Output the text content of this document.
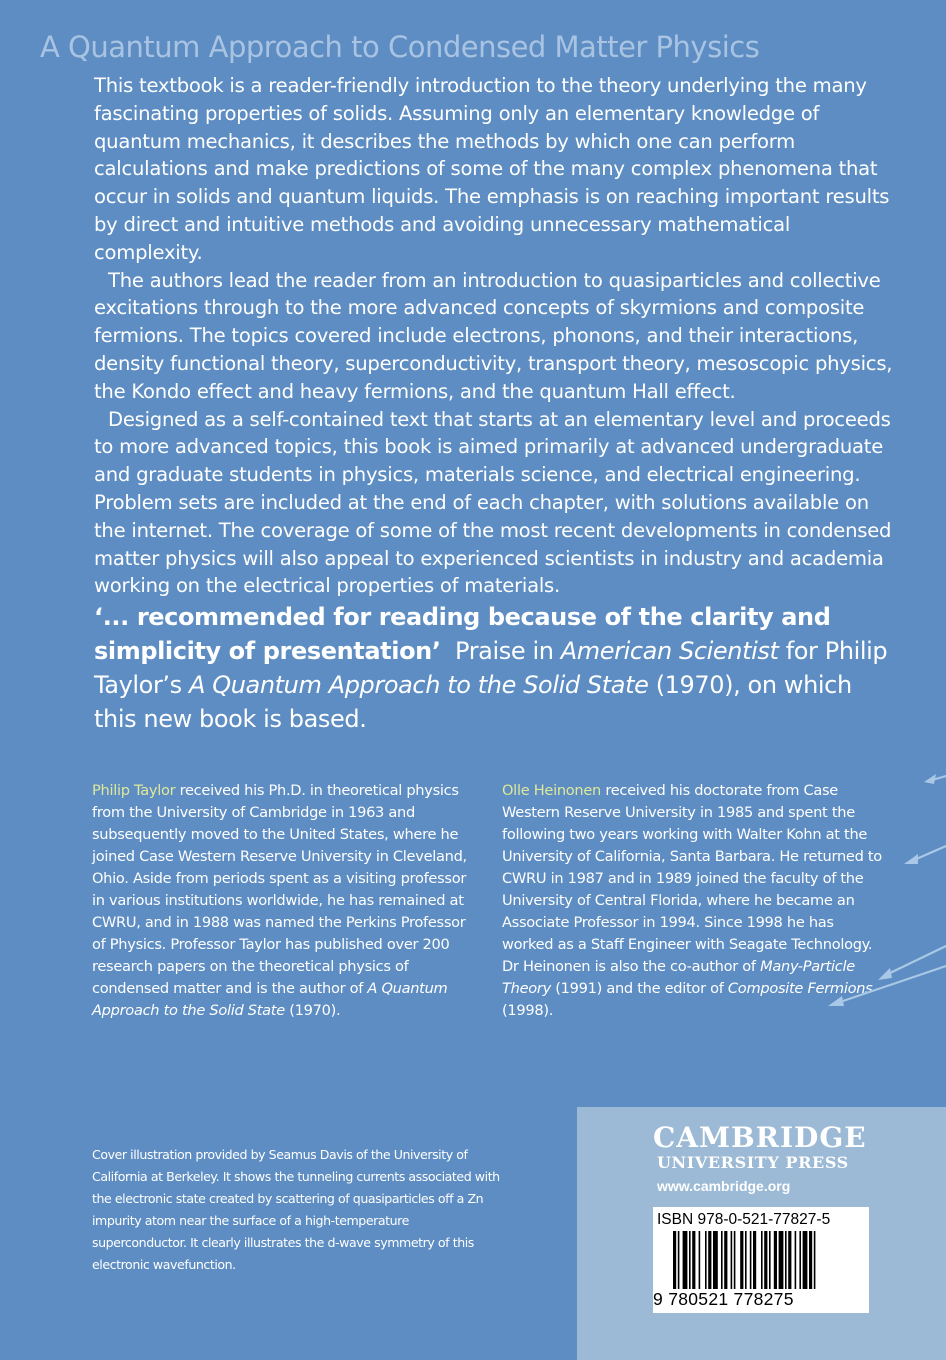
A Quantum Approach to Condensed Matter Physics

This textbook is a reader-friendly introduction to the theory underlying the many fascinating properties of solids. Assuming only an elementary knowledge of quantum mechanics, it describes the methods by which one can perform calculations and make predictions of some of the many complex phenomena that occur in solids and quantum liquids. The emphasis is on reaching important results by direct and intuitive methods and avoiding unnecessary mathematical complexity.

The authors lead the reader from an introduction to quasiparticles and collective excitations through to the more advanced concepts of skyrmions and composite fermions. The topics covered include electrons, phonons, and their interactions, density functional theory, superconductivity, transport theory, mesoscopic physics, the Kondo effect and heavy fermions, and the quantum Hall effect.

Designed as a self-contained text that starts at an elementary level and proceeds to more advanced topics, this book is aimed primarily at advanced undergraduate and graduate students in physics, materials science, and electrical engineering. Problem sets are included at the end of each chapter, with solutions available on the internet. The coverage of some of the most recent developments in condensed matter physics will also appeal to experienced scientists in industry and academia working on the electrical properties of materials.

‘... recommended for reading because of the clarity and simplicity of presentation’ Praise in American Scientist for Philip Taylor’s A Quantum Approach to the Solid State (1970), on which this new book is based.
Philip Taylor received his Ph.D. in theoretical physics from the University of Cambridge in 1963 and subsequently moved to the United States, where he joined Case Western Reserve University in Cleveland, Ohio. Aside from periods spent as a visiting professor in various institutions worldwide, he has remained at CWRU, and in 1988 was named the Perkins Professor of Physics. Professor Taylor has published over 200 research papers on the theoretical physics of condensed matter and is the author of A Quantum Approach to the Solid State (1970).
Olle Heinonen received his doctorate from Case Western Reserve University in 1985 and spent the following two years working with Walter Kohn at the University of California, Santa Barbara. He returned to CWRU in 1987 and in 1989 joined the faculty of the University of Central Florida, where he became an Associate Professor in 1994. Since 1998 he has worked as a Staff Engineer with Seagate Technology. Dr Heinonen is also the co-author of Many-Particle Theory (1991) and the editor of Composite Fermions (1998).
Cover illustration provided by Seamus Davis of the University of California at Berkeley. It shows the tunneling currents associated with the electronic state created by scattering of quasiparticles off a Zn impurity atom near the surface of a high-temperature superconductor. It clearly illustrates the d-wave symmetry of this electronic wavefunction.
CAMBRIDGE
UNIVERSITY PRESS
www.cambridge.org
ISBN 978-0-521-77827-5
9 780521 778275
